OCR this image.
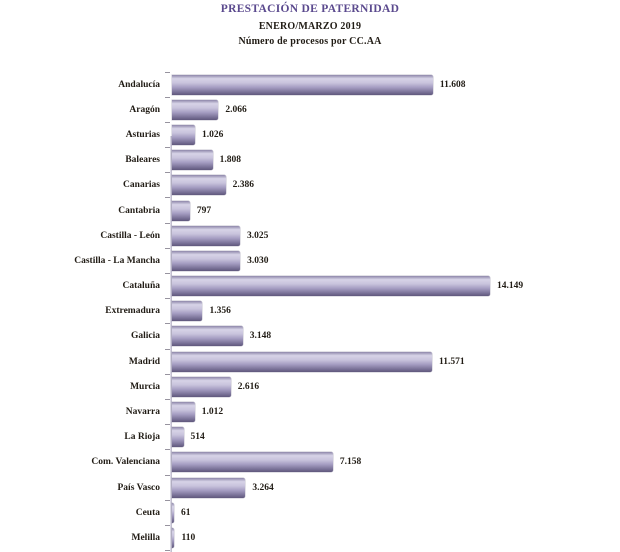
PRESTACIÓN DE PATERNIDAD
ENERO/MARZO 2019
Número de procesos por CC.AA
Andalucía	11.608
Aragón	2.066
Asturias	1.026
Baleares	1.808
Canarias	2.386
Cantabria	797
Castilla - León	3.025
Castilla - La Mancha	3.030
Cataluña	14.149
Extremadura	1.356
Galicia	3.148
Madrid	11.571
Murcia	2.616
Navarra	1.012
La Rioja	514
Com. Valenciana	7.158
País Vasco	3.264
Ceuta 61
Melilla 110
